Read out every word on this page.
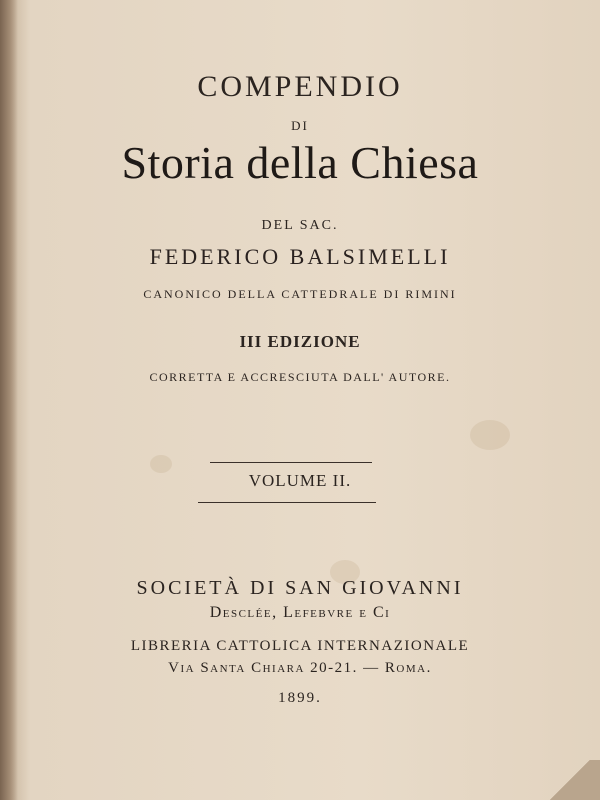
COMPENDIO
DI
Storia della Chiesa
DEL SAC.
FEDERICO BALSIMELLI
CANONICO DELLA CATTEDRALE DI RIMINI
III EDIZIONE
CORRETTA E ACCRESCIUTA DALL' AUTORE.
VOLUME II.
SOCIETÀ DI SAN GIOVANNI
Desclée, Lefebvre e Ci
LIBRERIA CATTOLICA INTERNAZIONALE
Via Santa Chiara 20-21. — Roma.
1899.
